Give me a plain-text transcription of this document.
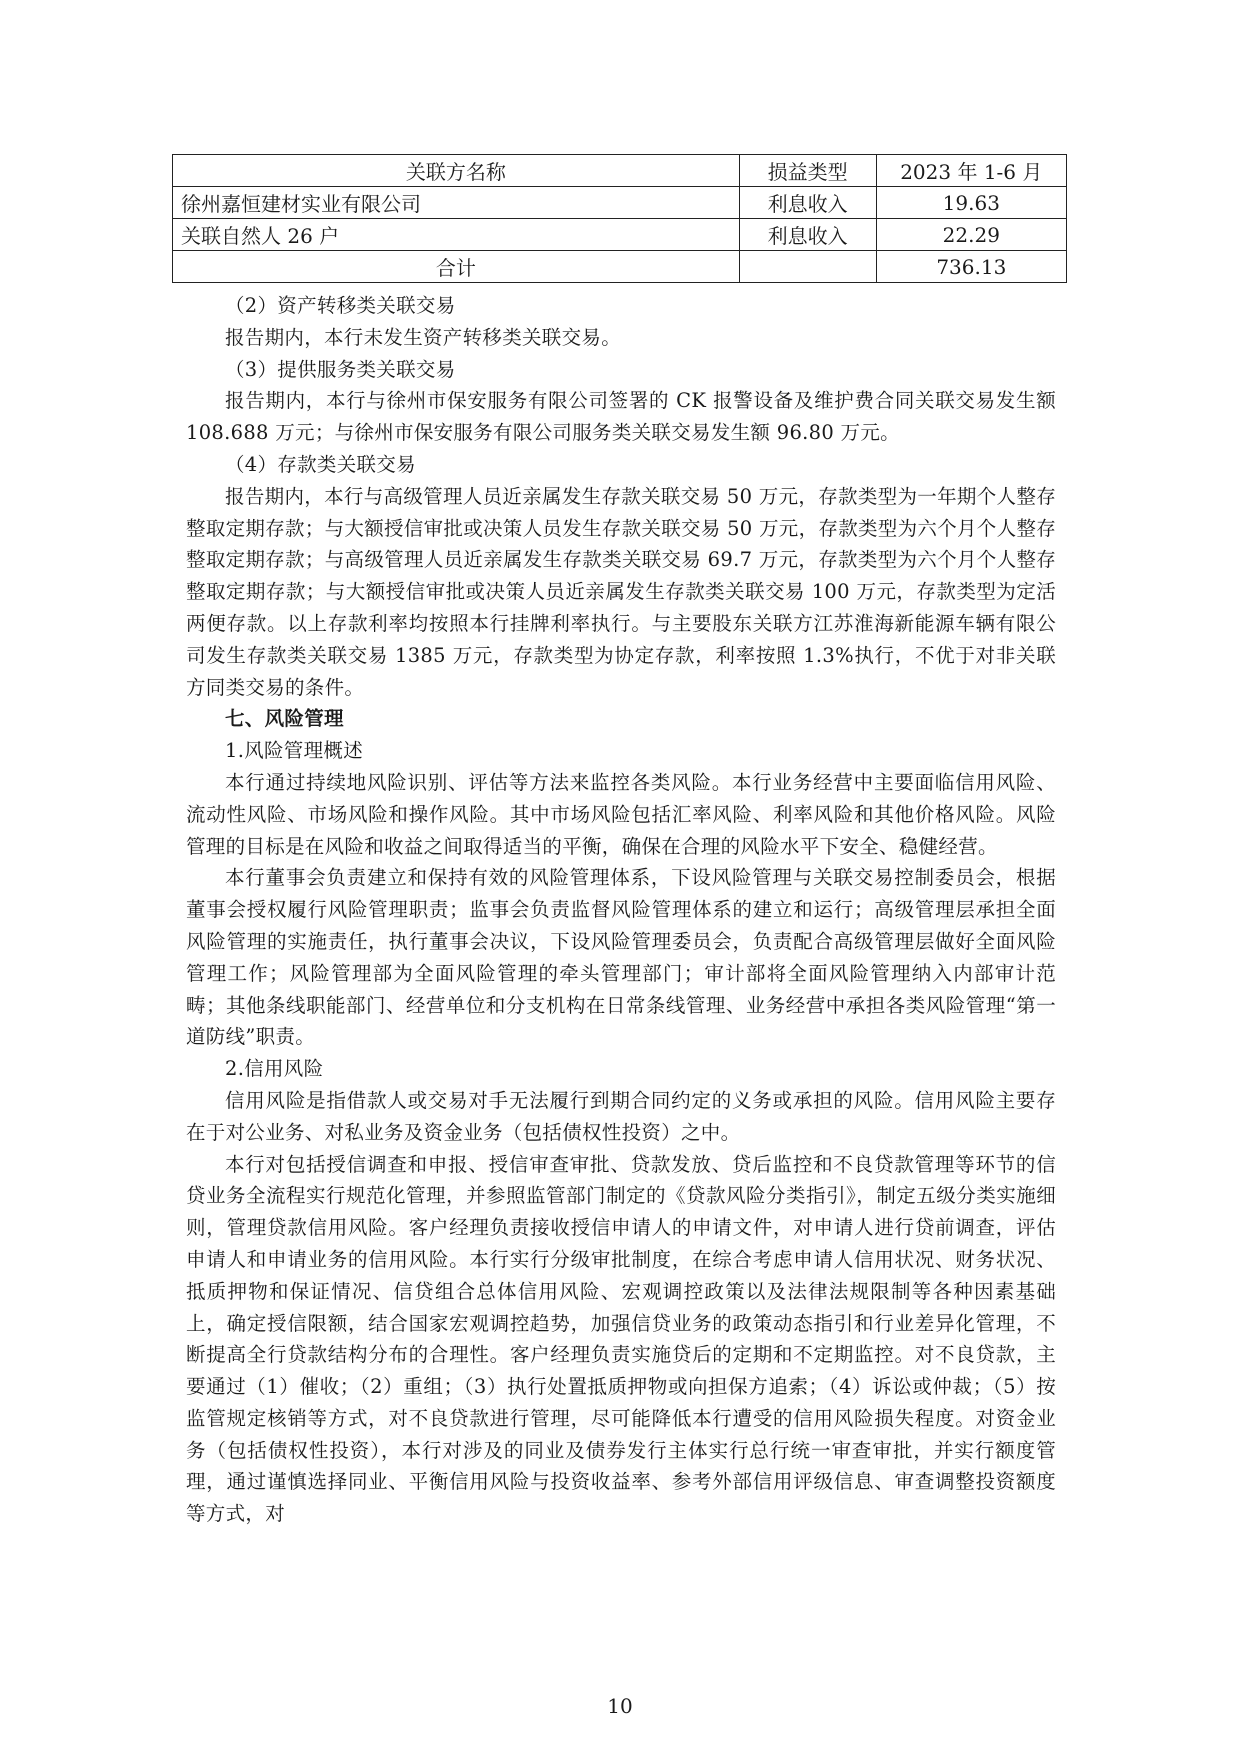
关联方名称	损益类型	2023 年 1-6 月
徐州嘉恒建材实业有限公司	利息收入	19.63
关联自然人 26 户	利息收入	22.29
合计		736.13

（2）资产转移类关联交易

报告期内，本行未发生资产转移类关联交易。

（3）提供服务类关联交易

报告期内，本行与徐州市保安服务有限公司签署的 CK 报警设备及维护费合同关联交易发生额 108.688 万元；与徐州市保安服务有限公司服务类关联交易发生额 96.80 万元。

（4）存款类关联交易

报告期内，本行与高级管理人员近亲属发生存款关联交易 50 万元，存款类型为一年期个人整存整取定期存款；与大额授信审批或决策人员发生存款关联交易 50 万元，存款类型为六个月个人整存整取定期存款；与高级管理人员近亲属发生存款类关联交易 69.7 万元，存款类型为六个月个人整存整取定期存款；与大额授信审批或决策人员近亲属发生存款类关联交易 100 万元，存款类型为定活两便存款。以上存款利率均按照本行挂牌利率执行。与主要股东关联方江苏淮海新能源车辆有限公司发生存款类关联交易 1385 万元，存款类型为协定存款，利率按照 1.3%执行，不优于对非关联方同类交易的条件。

七、风险管理

1.风险管理概述

本行通过持续地风险识别、评估等方法来监控各类风险。本行业务经营中主要面临信用风险、流动性风险、市场风险和操作风险。其中市场风险包括汇率风险、利率风险和其他价格风险。风险管理的目标是在风险和收益之间取得适当的平衡，确保在合理的风险水平下安全、稳健经营。

本行董事会负责建立和保持有效的风险管理体系，下设风险管理与关联交易控制委员会，根据董事会授权履行风险管理职责；监事会负责监督风险管理体系的建立和运行；高级管理层承担全面风险管理的实施责任，执行董事会决议，下设风险管理委员会，负责配合高级管理层做好全面风险管理工作；风险管理部为全面风险管理的牵头管理部门；审计部将全面风险管理纳入内部审计范畴；其他条线职能部门、经营单位和分支机构在日常条线管理、业务经营中承担各类风险管理“第一道防线”职责。

2.信用风险

信用风险是指借款人或交易对手无法履行到期合同约定的义务或承担的风险。信用风险主要存在于对公业务、对私业务及资金业务（包括债权性投资）之中。

本行对包括授信调查和申报、授信审查审批、贷款发放、贷后监控和不良贷款管理等环节的信贷业务全流程实行规范化管理，并参照监管部门制定的《贷款风险分类指引》，制定五级分类实施细则，管理贷款信用风险。客户经理负责接收授信申请人的申请文件，对申请人进行贷前调查，评估申请人和申请业务的信用风险。本行实行分级审批制度，在综合考虑申请人信用状况、财务状况、抵质押物和保证情况、信贷组合总体信用风险、宏观调控政策以及法律法规限制等各种因素基础上，确定授信限额，结合国家宏观调控趋势，加强信贷业务的政策动态指引和行业差异化管理，不断提高全行贷款结构分布的合理性。客户经理负责实施贷后的定期和不定期监控。对不良贷款，主要通过（1）催收；（2）重组；（3）执行处置抵质押物或向担保方追索；（4）诉讼或仲裁；（5）按监管规定核销等方式，对不良贷款进行管理，尽可能降低本行遭受的信用风险损失程度。对资金业务（包括债权性投资），本行对涉及的同业及债券发行主体实行总行统一审查审批，并实行额度管理，通过谨慎选择同业、平衡信用风险与投资收益率、参考外部信用评级信息、审查调整投资额度等方式，对

10
